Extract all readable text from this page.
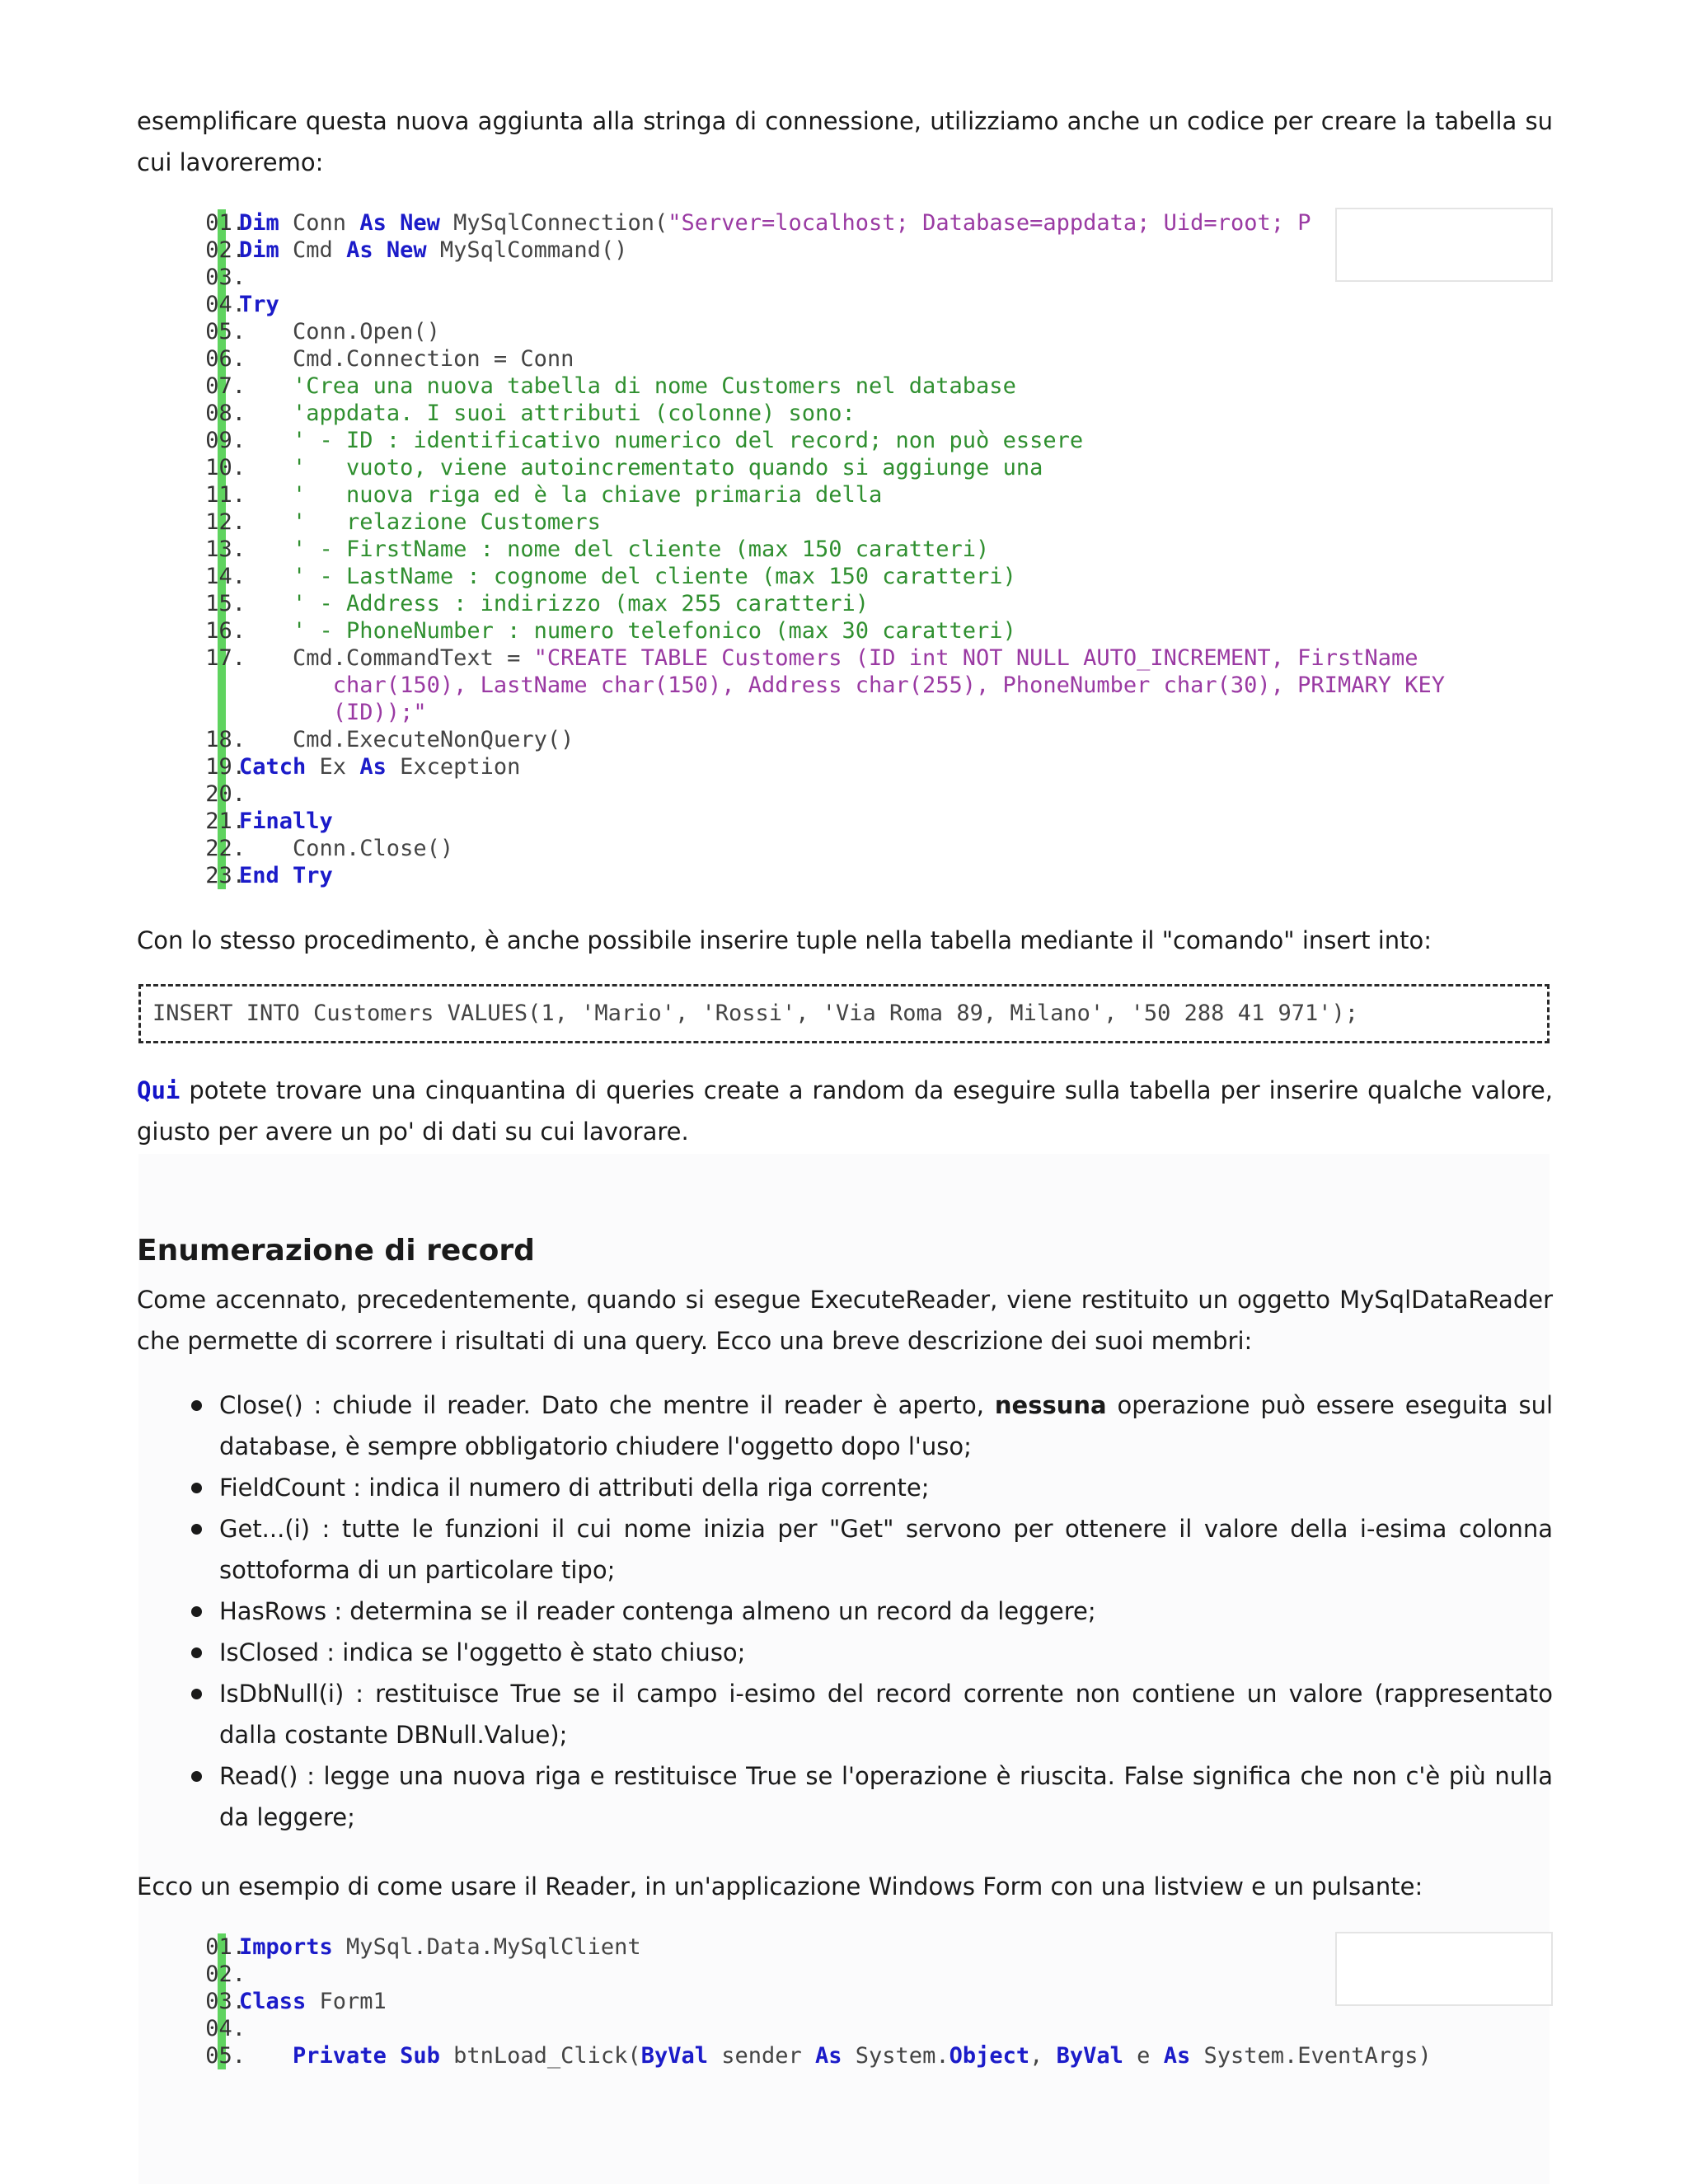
esemplificare questa nuova aggiunta alla stringa di connessione, utilizziamo anche un codice per creare la tabella su cui lavoreremo:

01.
Dim Conn As New MySqlConnection("Server=localhost; Database=appdata; Uid=root; P
02.
Dim Cmd As New MySqlCommand()
03.
04.
Try
05.
Conn.Open()
06.
Cmd.Connection = Conn
07.	'Crea una nuova tabella di nome Customers nel database
08.	'appdata. I suoi attributi (colonne) sono:
09.	' - ID : identificativo numerico del record; non può essere
10.	'   vuoto, viene autoincrementato quando si aggiunge una
11.	'   nuova riga ed è la chiave primaria della
12.	'   relazione Customers
13.	' - FirstName : nome del cliente (max 150 caratteri)
14.	' - LastName : cognome del cliente (max 150 caratteri)
15.	' - Address : indirizzo (max 255 caratteri)
16.	' - PhoneNumber : numero telefonico (max 30 caratteri)
17.
Cmd.CommandText = "CREATE TABLE Customers (ID int NOT NULL AUTO_INCREMENT, FirstName
char(150), LastName char(150), Address char(255), PhoneNumber char(30), PRIMARY KEY
(ID));"
18.
Cmd.ExecuteNonQuery()
19.
Catch Ex As Exception
20.
21.
Finally
22.
Conn.Close()
23.
End Try

Con lo stesso procedimento, è anche possibile inserire tuple nella tabella mediante il "comando" insert into:

INSERT INTO Customers VALUES(1, 'Mario', 'Rossi', 'Via Roma 89, Milano', '50 288 41 971');

Qui potete trovare una cinquantina di queries create a random da eseguire sulla tabella per inserire qualche valore, giusto per avere un po' di dati su cui lavorare.

Enumerazione di record

Come accennato, precedentemente, quando si esegue ExecuteReader, viene restituito un oggetto MySqlDataReader che permette di scorrere i risultati di una query. Ecco una breve descrizione dei suoi membri:

Close() : chiude il reader. Dato che mentre il reader è aperto, nessuna operazione può essere eseguita sul database, è sempre obbligatorio chiudere l'oggetto dopo l'uso;
FieldCount : indica il numero di attributi della riga corrente;
Get...(i) : tutte le funzioni il cui nome inizia per "Get" servono per ottenere il valore della i-esima colonna sottoforma di un particolare tipo;
HasRows : determina se il reader contenga almeno un record da leggere;
IsClosed : indica se l'oggetto è stato chiuso;
IsDbNull(i) : restituisce True se il campo i-esimo del record corrente non contiene un valore (rappresentato dalla costante DBNull.Value);
Read() : legge una nuova riga e restituisce True se l'operazione è riuscita. False significa che non c'è più nulla da leggere;

Ecco un esempio di come usare il Reader, in un'applicazione Windows Form con una listview e un pulsante:

01.
Imports MySql.Data.MySqlClient
02.
03.
Class Form1
04.
05.	Private Sub btnLoad_Click(ByVal sender As System.Object, ByVal e As System.EventArgs)
